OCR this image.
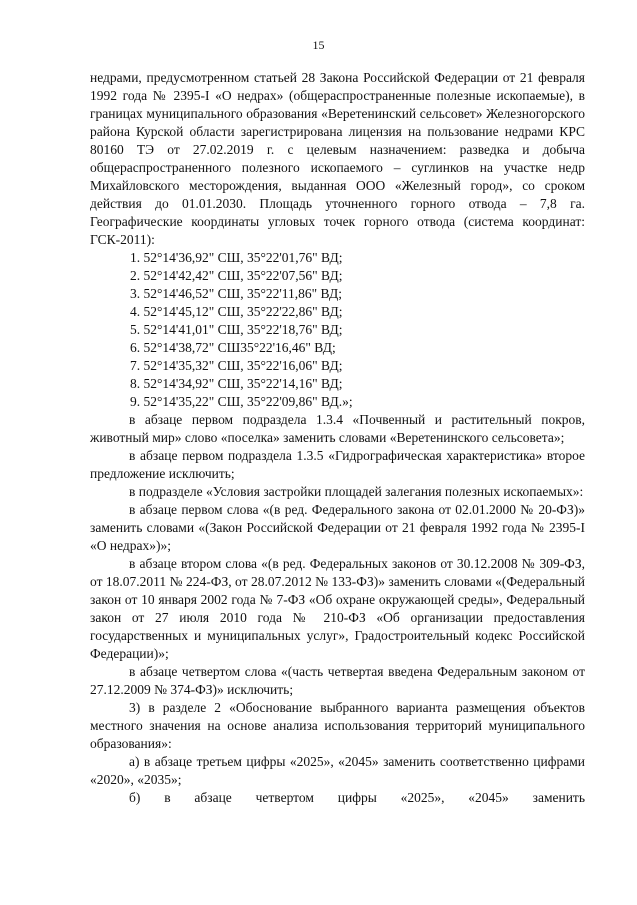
15

недрами, предусмотренном статьей 28 Закона Российской Федерации от 21 февраля 1992 года № 2395-I «О недрах» (общераспространенные полезные ископаемые), в границах муниципального образования «Веретенинский сельсовет» Железногорского района Курской области зарегистрирована лицензия на пользование недрами КРС 80160 ТЭ от 27.02.2019 г. с целевым назначением: разведка и добыча общераспространенного полезного ископаемого – суглинков на участке недр Михайловского месторождения, выданная ООО «Железный город», со сроком действия до 01.01.2030. Площадь уточненного горного отвода – 7,8 га. Географические координаты угловых точек горного отвода (система координат: ГСК-2011):

1. 52°14'36,92" СШ, 35°22'01,76" ВД;
2. 52°14'42,42" СШ, 35°22'07,56" ВД;
3. 52°14'46,52" СШ, 35°22'11,86" ВД;
4. 52°14'45,12" СШ, 35°22'22,86" ВД;
5. 52°14'41,01" СШ, 35°22'18,76" ВД;
6. 52°14'38,72" СШ35°22'16,46" ВД;
7. 52°14'35,32" СШ, 35°22'16,06" ВД;
8. 52°14'34,92" СШ, 35°22'14,16" ВД;
9. 52°14'35,22" СШ, 35°22'09,86" ВД.»;

в абзаце первом подраздела 1.3.4 «Почвенный и растительный покров, животный мир» слово «поселка» заменить словами «Веретенинского сельсовета»;

в абзаце первом подраздела 1.3.5 «Гидрографическая характеристика» второе предложение исключить;

в подразделе «Условия застройки площадей залегания полезных ископаемых»:

в абзаце первом слова «(в ред. Федерального закона от 02.01.2000 № 20-ФЗ)» заменить словами «(Закон Российской Федерации от 21 февраля 1992 года № 2395-I «О недрах»)»;

в абзаце втором слова «(в ред. Федеральных законов от 30.12.2008 № 309-ФЗ, от 18.07.2011 № 224-ФЗ, от 28.07.2012 № 133-ФЗ)» заменить словами «(Федеральный закон от 10 января 2002 года № 7-ФЗ «Об охране окружающей среды», Федеральный закон от 27 июля 2010 года № 210-ФЗ «Об организации предоставления государственных и муниципальных услуг», Градостроительный кодекс Российской Федерации)»;

в абзаце четвертом слова «(часть четвертая введена Федеральным законом от 27.12.2009 № 374-ФЗ)» исключить;

3) в разделе 2 «Обоснование выбранного варианта размещения объектов местного значения на основе анализа использования территорий муниципального образования»:

а) в абзаце третьем цифры «2025», «2045» заменить соответственно цифрами «2020», «2035»;

б) в абзаце четвертом цифры «2025», «2045» заменить
